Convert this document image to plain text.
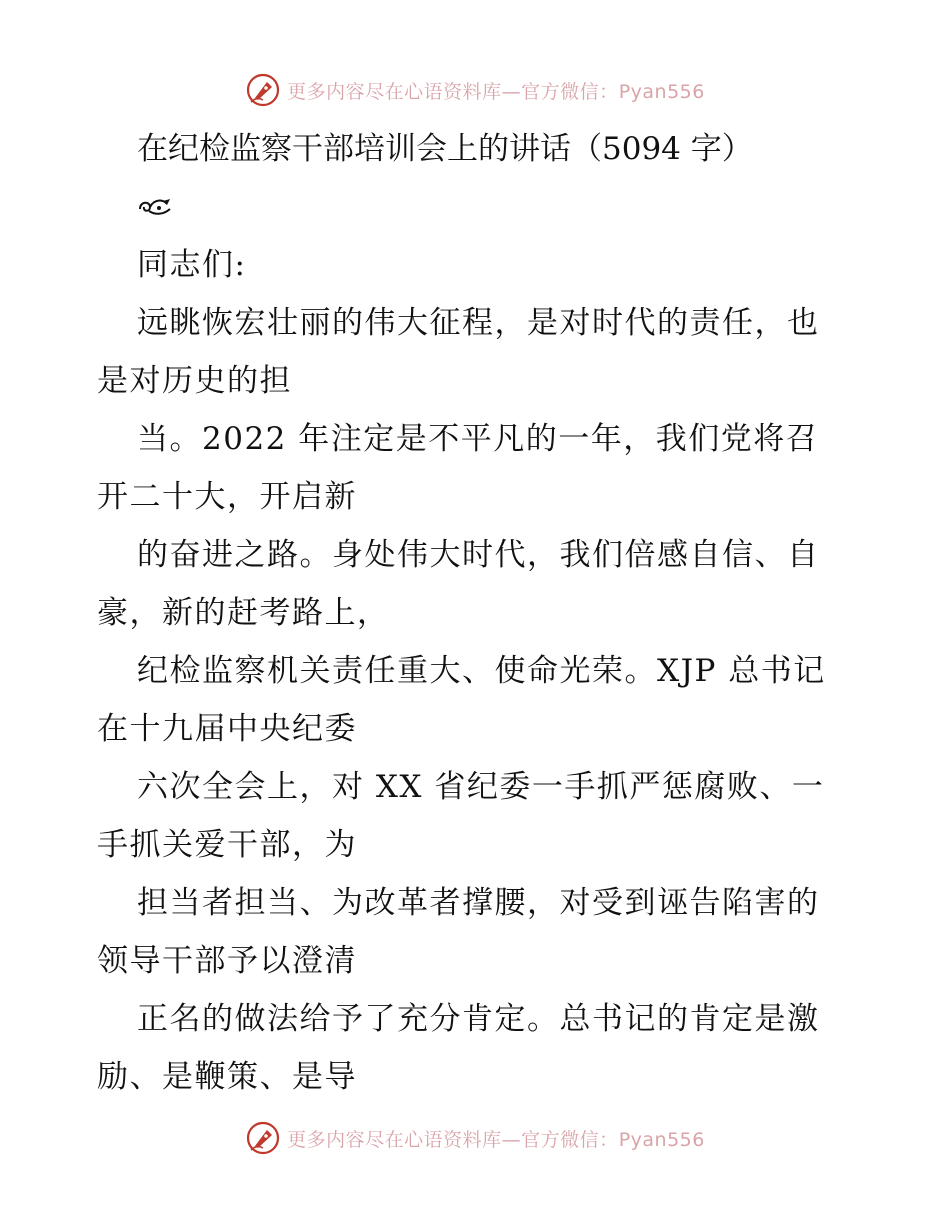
更多内容尽在心语资料库—官方微信：Pyan556
在纪检监察干部培训会上的讲话（5094 字）

同志们:

远眺恢宏壮丽的伟大征程，是对时代的责任，也
是对历史的担
当。2022 年注定是不平凡的一年，我们党将召
开二十大，开启新
的奋进之路。身处伟大时代，我们倍感自信、自
豪，新的赶考路上，
纪检监察机关责任重大、使命光荣。XJP 总书记
在十九届中央纪委
六次全会上，对 XX 省纪委一手抓严惩腐败、一
手抓关爱干部，为
担当者担当、为改革者撑腰，对受到诬告陷害的
领导干部予以澄清
正名的做法给予了充分肯定。总书记的肯定是激
励、是鞭策、是导

更多内容尽在心语资料库—官方微信：Pyan556
